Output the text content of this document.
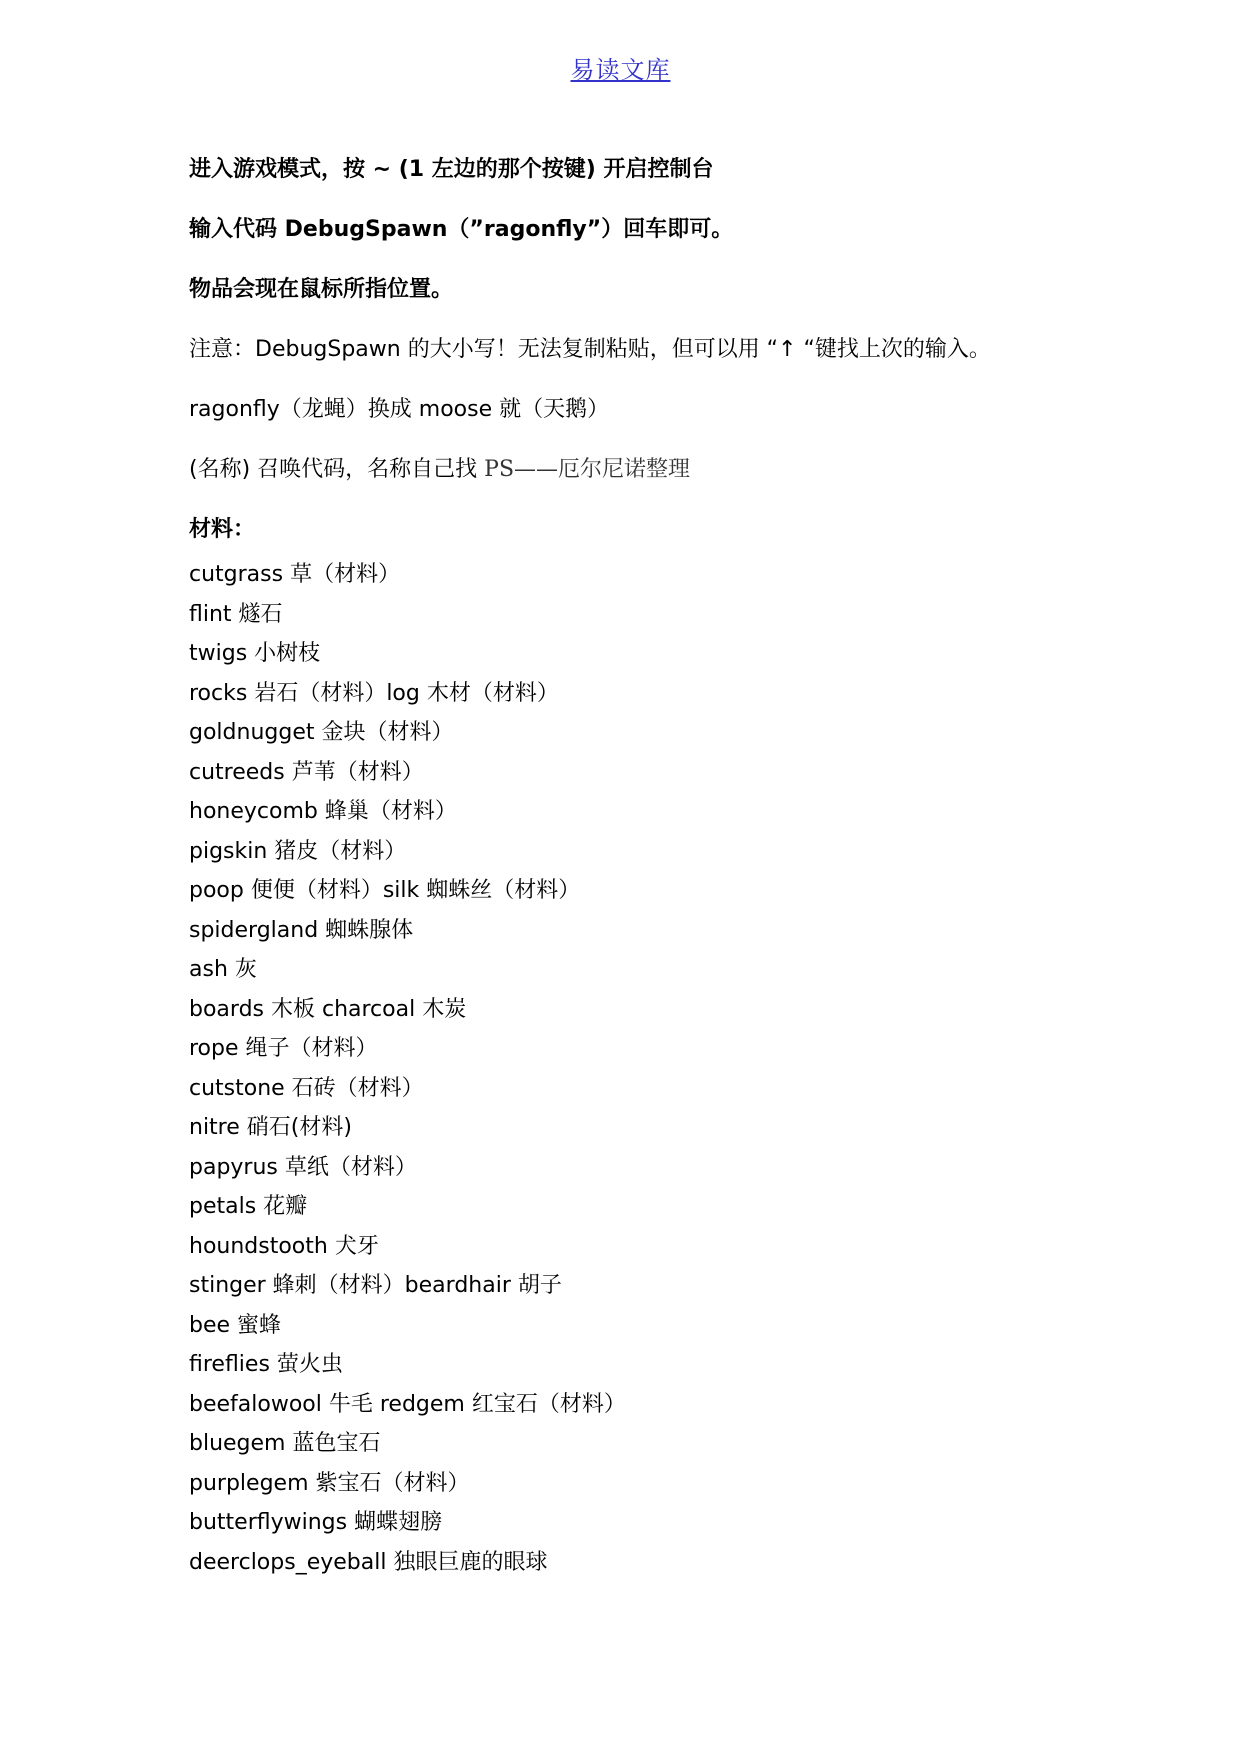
易读文库
进入游戏模式，按 ~ (1 左边的那个按键) 开启控制台
输入代码 DebugSpawn（”ragonfly”）回车即可。
物品会现在鼠标所指位置。
注意：DebugSpawn 的大小写！无法复制粘贴，但可以用 “↑ “键找上次的输入。
ragonfly（龙蝇）换成 moose 就（天鹅）
(名称) 召唤代码，名称自己找 PS——厄尔尼诺整理
材料：
cutgrass 草（材料）
flint 燧石
twigs 小树枝
rocks 岩石（材料）log 木材（材料）
goldnugget 金块（材料）
cutreeds 芦苇（材料）
honeycomb 蜂巢（材料）
pigskin 猪皮（材料）
poop 便便（材料）silk 蜘蛛丝（材料）
spidergland 蜘蛛腺体
ash 灰
boards 木板 charcoal 木炭
rope 绳子（材料）
cutstone 石砖（材料）
nitre 硝石(材料)
papyrus 草纸（材料）
petals 花瓣
houndstooth 犬牙
stinger 蜂刺（材料）beardhair 胡子
bee 蜜蜂
fireflies 萤火虫
beefalowool 牛毛 redgem 红宝石（材料）
bluegem 蓝色宝石
purplegem 紫宝石（材料）
butterflywings 蝴蝶翅膀
deerclops_eyeball 独眼巨鹿的眼球
